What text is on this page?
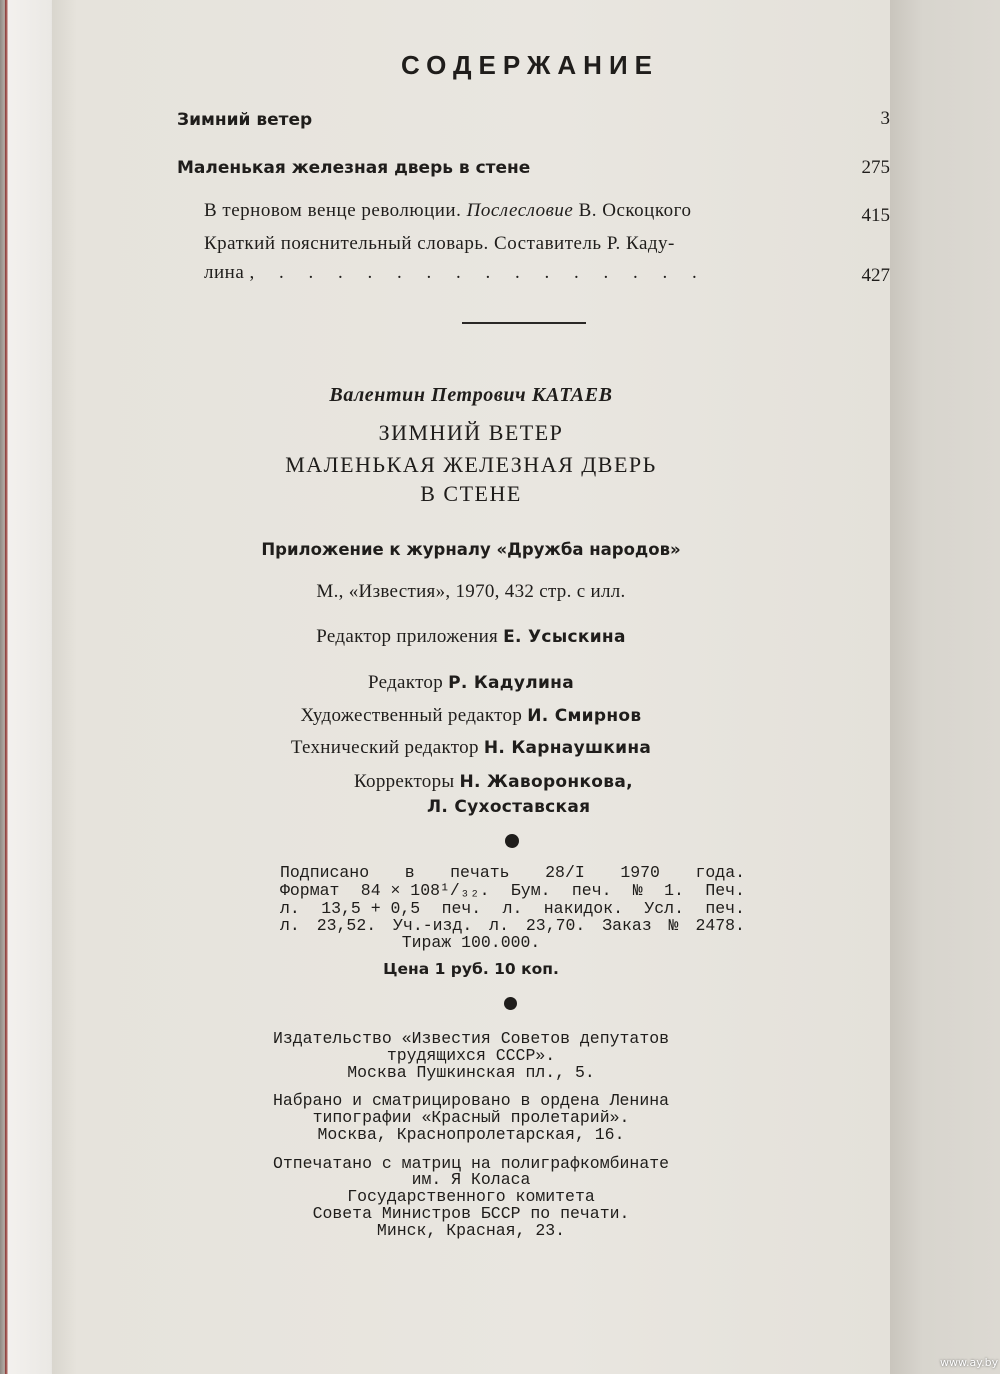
СОДЕРЖАНИЕ
Зимний ветер	3
Маленькая железная дверь в стене	275
В терновом венце революции. Послесловие В. Оскоцкого	415
Краткий пояснительный словарь. Составитель Р. Каду-
лина , . . . . . . . . . . . . . . .	427
Валентин Петрович КАТАЕВ
ЗИМНИЙ ВЕТЕР
МАЛЕНЬКАЯ ЖЕЛЕЗНАЯ ДВЕРЬ
В СТЕНЕ
Приложение к журналу «Дружба народов»
М., «Известия», 1970, 432 стр. с илл.
Редактор приложения Е. Усыскина
Редактор Р. Кадулина
Художественный редактор И. Смирнов
Технический редактор Н. Карнаушкина
Корректоры Н. Жаворонкова,
Л. Сухоставская
Подписано в печать 28/I 1970 года.
Формат 84 × 108¹/₃₂. Бум. печ. № 1. Печ.
л. 13,5 + 0,5 печ. л. накидок. Усл. печ.
л. 23,52. Уч.-изд. л. 23,70. Заказ № 2478.
Тираж 100.000.
Цена 1 руб. 10 коп.
Издательство «Известия Советов депутатов
трудящихся СССР».
Москва Пушкинская пл., 5.
Набрано и сматрицировано в ордена Ленина
типографии «Красный пролетарий».
Москва, Краснопролетарская, 16.
Отпечатано с матриц на полиграфкомбинате
им. Я Коласа
Государственного комитета
Совета Министров БССР по печати.
Минск, Красная, 23.
www.ay.by
